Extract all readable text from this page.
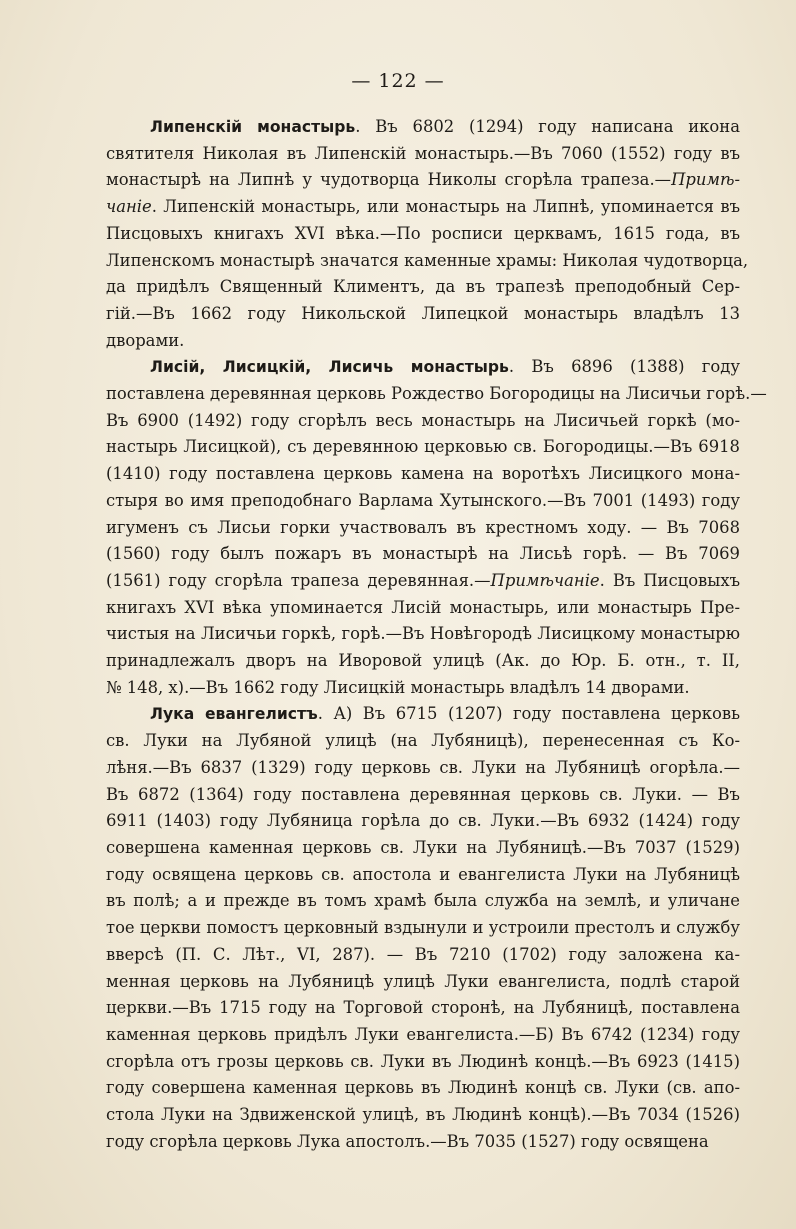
— 122 —
Липенскій монастырь. Въ 6802 (1294) году написана икона
святителя Николая въ Липенскій монастырь.—Въ 7060 (1552) году въ
монастырѣ на Липнѣ у чудотворца Николы сгорѣла трапеза.—Примѣ-
чаніе. Липенскій монастырь, или монастырь на Липнѣ, упоминается въ
Писцовыхъ книгахъ XVI вѣка.—По росписи церквамъ, 1615 года, въ
Липенскомъ монастырѣ значатся каменные храмы: Николая чудотворца,
да придѣлъ Священный Климентъ, да въ трапезѣ преподобный Сер-
гій.—Въ 1662 году Никольской Липецкой монастырь владѣлъ 13
дворами.
Лисій, Лисицкій, Лисичь монастырь. Въ 6896 (1388) году
поставлена деревянная церковь Рождество Богородицы на Лисичьи горѣ.—
Въ 6900 (1492) году сгорѣлъ весь монастырь на Лисичьей горкѣ (мо-
настырь Лисицкой), съ деревянною церковью св. Богородицы.—Въ 6918
(1410) году поставлена церковь камена на воротѣхъ Лисицкого мона-
стыря во имя преподобнаго Варлама Хутынского.—Въ 7001 (1493) году
игуменъ съ Лисьи горки участвовалъ въ крестномъ ходу. — Въ 7068
(1560) году былъ пожаръ въ монастырѣ на Лисьѣ горѣ. — Въ 7069
(1561) году сгорѣла трапеза деревянная.—Примѣчаніе. Въ Писцовыхъ
книгахъ XVI вѣка упоминается Лисій монастырь, или монастырь Пре-
чистыя на Лисичьи горкѣ, горѣ.—Въ Новѣгородѣ Лисицкому монастырю
принадлежалъ дворъ на Иворовой улицѣ (Ак. до Юр. Б. отн., т. II,
№ 148, х).—Въ 1662 году Лисицкій монастырь владѣлъ 14 дворами.
Лука евангелистъ. А) Въ 6715 (1207) году поставлена церковь
св. Луки на Лубяной улицѣ (на Лубяницѣ), перенесенная съ Ко-
лѣня.—Въ 6837 (1329) году церковь св. Луки на Лубяницѣ огорѣла.—
Въ 6872 (1364) году поставлена деревянная церковь св. Луки. — Въ
6911 (1403) году Лубяница горѣла до св. Луки.—Въ 6932 (1424) году
совершена каменная церковь св. Луки на Лубяницѣ.—Въ 7037 (1529)
году освящена церковь св. апостола и евангелиста Луки на Лубяницѣ
въ полѣ; а и прежде въ томъ храмѣ была служба на землѣ, и уличане
тое церкви помостъ церковный вздынули и устроили престолъ и службу
вверсѣ (П. С. Лѣт., VI, 287). — Въ 7210 (1702) году заложена ка-
менная церковь на Лубяницѣ улицѣ Луки евангелиста, подлѣ старой
церкви.—Въ 1715 году на Торговой сторонѣ, на Лубяницѣ, поставлена
каменная церковь придѣлъ Луки евангелиста.—Б) Въ 6742 (1234) году
сгорѣла отъ грозы церковь св. Луки въ Людинѣ концѣ.—Въ 6923 (1415)
году совершена каменная церковь въ Людинѣ концѣ св. Луки (св. апо-
стола Луки на Здвиженской улицѣ, въ Людинѣ концѣ).—Въ 7034 (1526)
году сгорѣла церковь Лука апостолъ.—Въ 7035 (1527) году освящена
